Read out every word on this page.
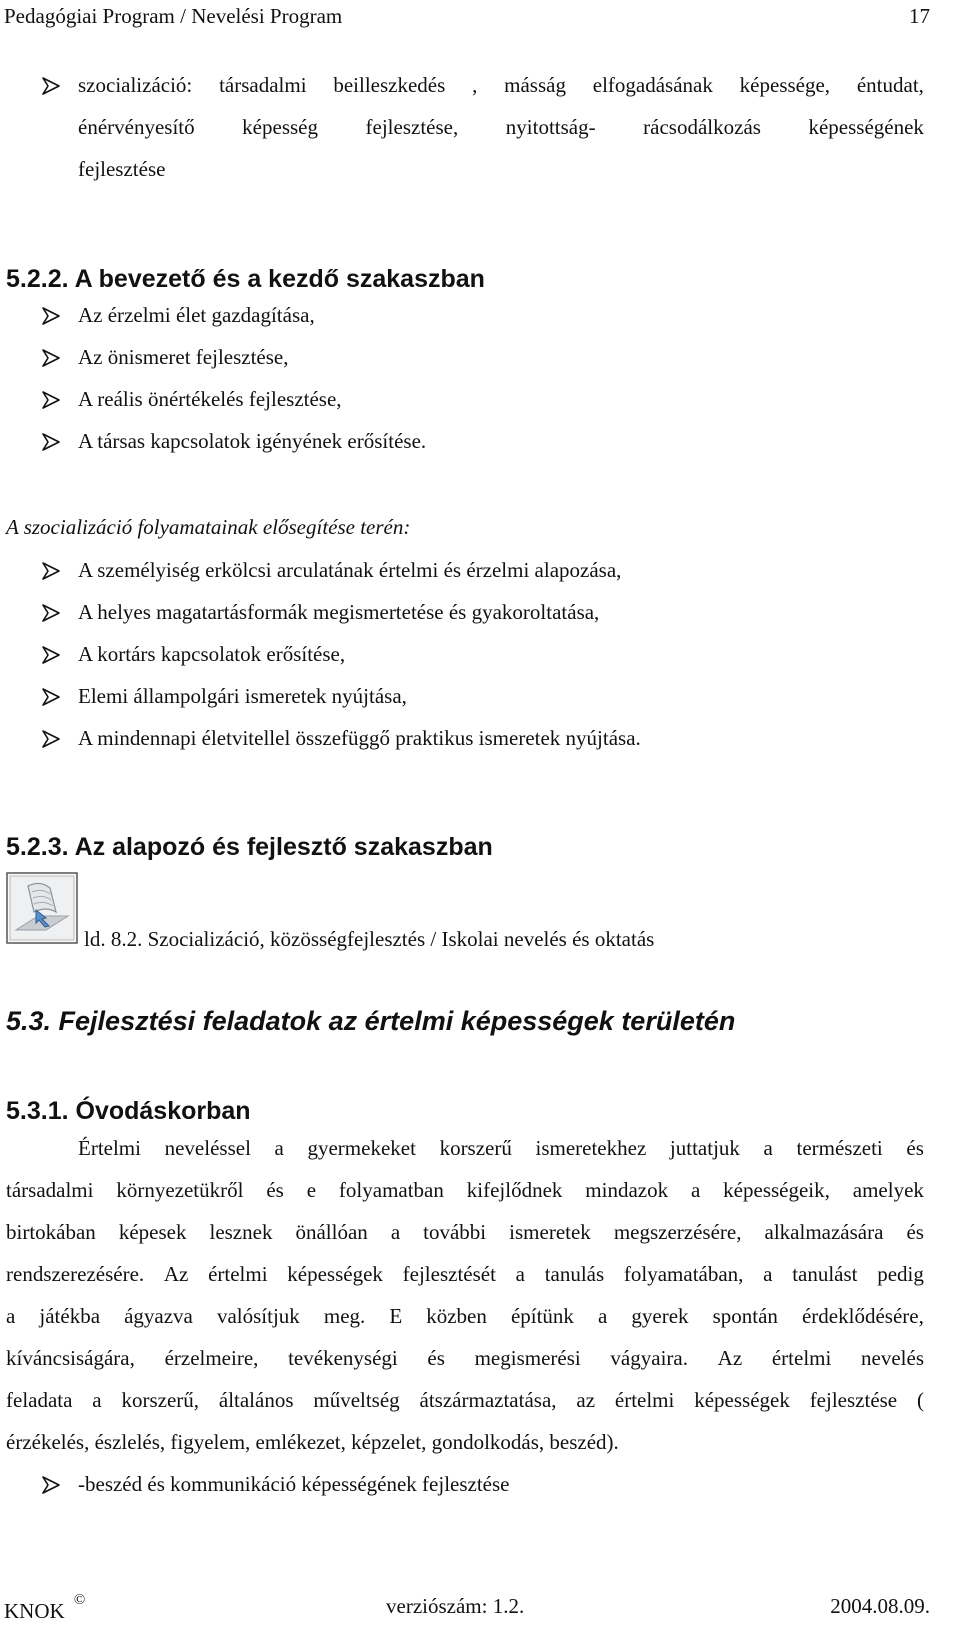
Pedagógiai Program / Nevelési Program	17
szocializáció: társadalmi beilleszkedés , másság elfogadásának képessége, éntudat,
énérvényesítő képesség fejlesztése, nyitottság- rácsodálkozás képességének
fejlesztése
5.2.2. A bevezető és a kezdő szakaszban
Az érzelmi élet gazdagítása,
Az önismeret fejlesztése,
A reális önértékelés fejlesztése,
A társas kapcsolatok igényének erősítése.
A szocializáció folyamatainak elősegítése terén:
A személyiség erkölcsi arculatának értelmi és érzelmi alapozása,
A helyes magatartásformák megismertetése és gyakoroltatása,
A kortárs kapcsolatok erősítése,
Elemi állampolgári ismeretek nyújtása,
A mindennapi életvitellel összefüggő praktikus ismeretek nyújtása.
5.2.3. Az alapozó és fejlesztő szakaszban
ld. 8.2. Szocializáció, közösségfejlesztés / Iskolai nevelés és oktatás
5.3. Fejlesztési feladatok az értelmi képességek területén
5.3.1. Óvodáskorban
Értelmi neveléssel a gyermekeket korszerű ismeretekhez juttatjuk a természeti és
társadalmi környezetükről és e folyamatban kifejlődnek mindazok a képességeik, amelyek
birtokában képesek lesznek önállóan a további ismeretek megszerzésére, alkalmazására és
rendszerezésére. Az értelmi képességek fejlesztését a tanulás folyamatában, a tanulást pedig
a játékba ágyazva valósítjuk meg. E közben építünk a gyerek spontán érdeklődésére,
kíváncsiságára, érzelmeire, tevékenységi és megismerési vágyaira. Az értelmi nevelés
feladata a korszerű, általános műveltség átszármaztatása, az értelmi képességek fejlesztése (
érzékelés, észlelés, figyelem, emlékezet, képzelet, gondolkodás, beszéd).
-beszéd és kommunikáció képességének fejlesztése
KNOK ©	verziószám: 1.2.	2004.08.09.
